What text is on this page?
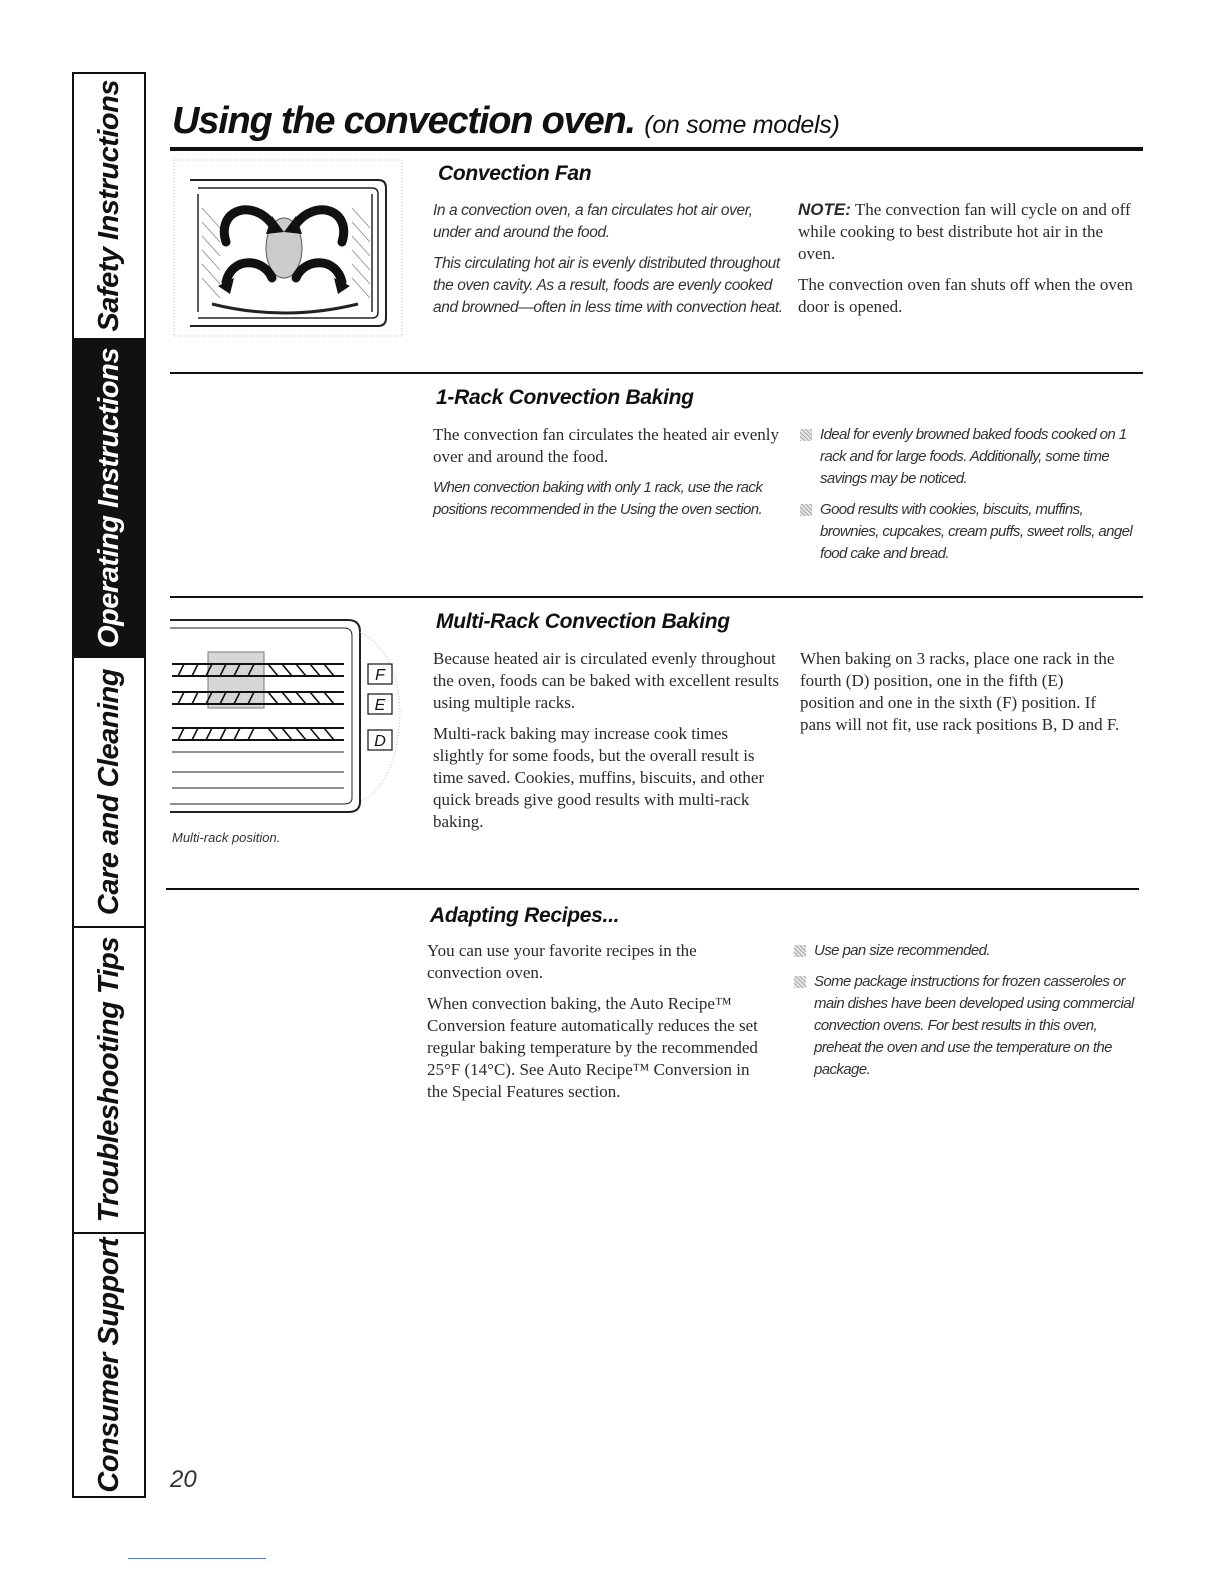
Safety Instructions
Operating Instructions
Care and Cleaning
Troubleshooting Tips
Consumer Support
Using the convection oven. (on some models)
Convection Fan

In a convection oven, a fan circulates hot air over, under and around the food.

This circulating hot air is evenly distributed throughout the oven cavity. As a result, foods are evenly cooked and browned—often in less time with convection heat.

NOTE: The convection fan will cycle on and off while cooking to best distribute hot air in the oven.

The convection oven fan shuts off when the oven door is opened.

1-Rack Convection Baking

The convection fan circulates the heated air evenly over and around the food.

When convection baking with only 1 rack, use the rack positions recommended in the Using the oven section.

Ideal for evenly browned baked foods cooked on 1 rack and for large foods. Additionally, some time savings may be noticed.
Good results with cookies, biscuits, muffins, brownies, cupcakes, cream puffs, sweet rolls, angel food cake and bread.
F
E
D

Multi-rack position.

Multi-Rack Convection Baking

Because heated air is circulated evenly throughout the oven, foods can be baked with excellent results using multiple racks.

Multi-rack baking may increase cook times slightly for some foods, but the overall result is time saved. Cookies, muffins, biscuits, and other quick breads give good results with multi-rack baking.

When baking on 3 racks, place one rack in the fourth (D) position, one in the fifth (E) position and one in the sixth (F) position. If pans will not fit, use rack positions B, D and F.

Adapting Recipes...

You can use your favorite recipes in the convection oven.

When convection baking, the Auto Recipe™ Conversion feature automatically reduces the set regular baking temperature by the recommended 25°F (14°C). See Auto Recipe™ Conversion in the Special Features section.

Use pan size recommended.
Some package instructions for frozen casseroles or main dishes have been developed using commercial convection ovens. For best results in this oven, preheat the oven and use the temperature on the package.

20
